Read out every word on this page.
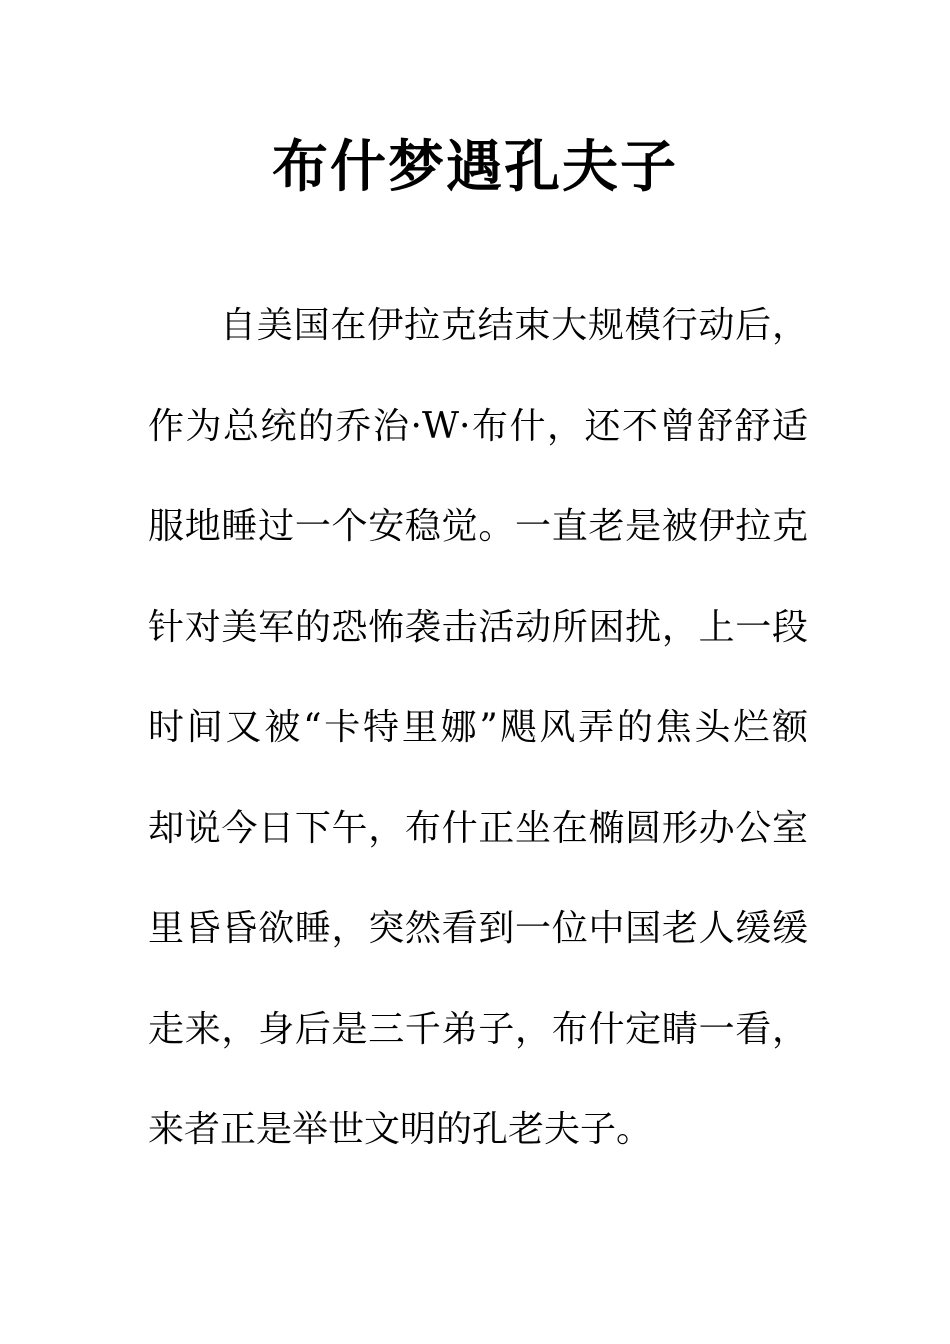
布什梦遇孔夫子
自美国在伊拉克结束大规模行动后，
作为总统的乔治·W·布什，还不曾舒舒适
服地睡过一个安稳觉。一直老是被伊拉克
针对美军的恐怖袭击活动所困扰，上一段
时间又被“卡特里娜”飓风弄的焦头烂额
却说今日下午，布什正坐在椭圆形办公室
里昏昏欲睡，突然看到一位中国老人缓缓
走来，身后是三千弟子，布什定睛一看，
来者正是举世文明的孔老夫子。
